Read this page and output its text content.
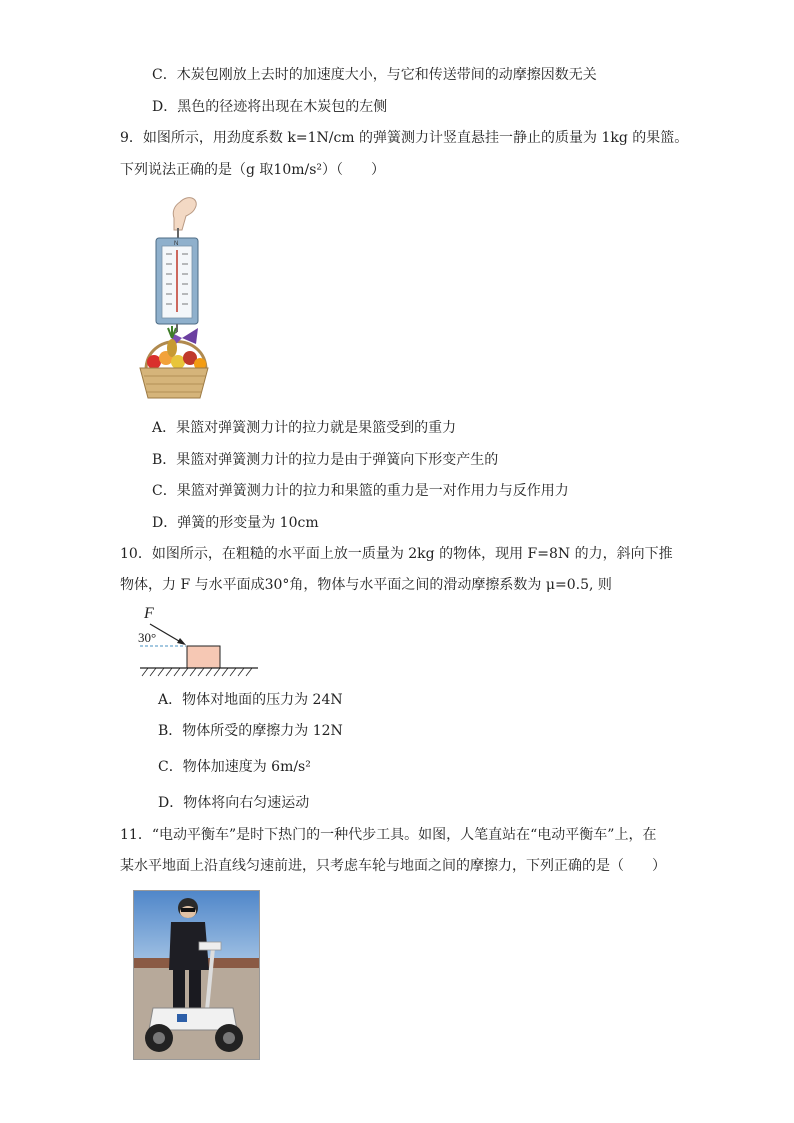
C．木炭包刚放上去时的加速度大小，与它和传送带间的动摩擦因数无关
D．黑色的径迹将出现在木炭包的左侧
9．如图所示，用劲度系数 k=1N/cm 的弹簧测力计竖直悬挂一静止的质量为 1kg 的果篮。
下列说法正确的是（g 取10m/s²）（　　）
N
A．果篮对弹簧测力计的拉力就是果篮受到的重力
B．果篮对弹簧测力计的拉力是由于弹簧向下形变产生的
C．果篮对弹簧测力计的拉力和果篮的重力是一对作用力与反作用力
D．弹簧的形变量为 10cm
10．如图所示，在粗糙的水平面上放一质量为 2kg 的物体，现用 F=8N 的力，斜向下推
物体，力 F 与水平面成30°角，物体与水平面之间的滑动摩擦系数为 μ=0.5, 则
F
30°
A．物体对地面的压力为 24N
B．物体所受的摩擦力为 12N
C．物体加速度为 6m/s²
D．物体将向右匀速运动
11．“电动平衡车”是时下热门的一种代步工具。如图，人笔直站在“电动平衡车”上，在
某水平地面上沿直线匀速前进，只考虑车轮与地面之间的摩擦力，下列正确的是（　　）
